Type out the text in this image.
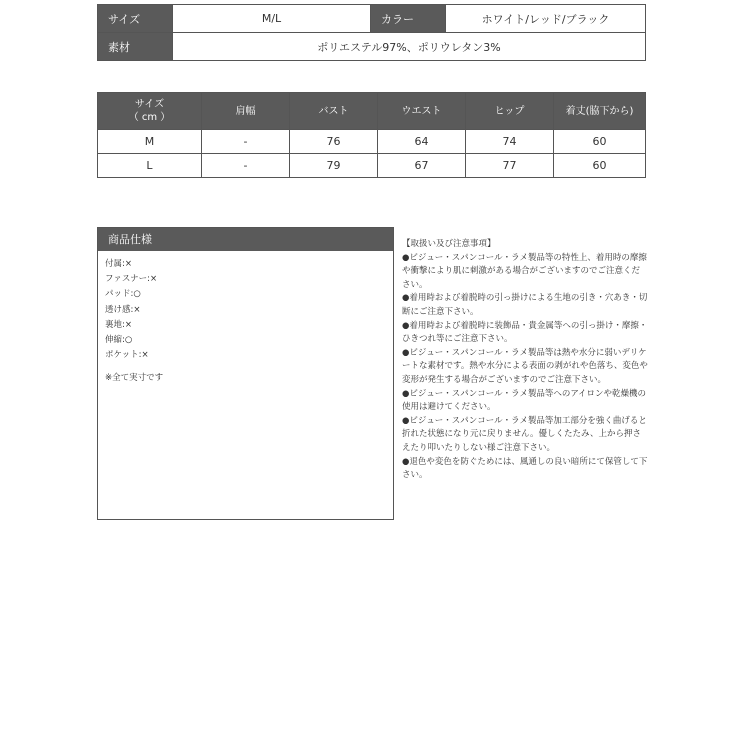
サイズ	M/L	カラー	ホワイト/レッド/ブラック
素材	ポリエステル97%、ポリウレタン3%		
サイズ
（ cm ）	肩幅	バスト	ウエスト	ヒップ	着丈(脇下から)
M	-	76	64	74	60
L	-	79	67	77	60
商品仕様
付属:×
ファスナー:×
パッド:○
透け感:×
裏地:×
伸縮:○
ポケット:×
※全て実寸です

【取扱い及び注意事項】

●ビジュー・スパンコール・ラメ製品等の特性上、着用時の摩擦や衝撃により肌に刺激がある場合がございますのでご注意ください。

●着用時および着脱時の引っ掛けによる生地の引き・穴あき・切断にご注意下さい。

●着用時および着脱時に装飾品・貴金属等への引っ掛け・摩擦・ひきつれ等にご注意下さい。

●ビジュー・スパンコール・ラメ製品等は熱や水分に弱いデリケートな素材です。熱や水分による表面の剥がれや色落ち、変色や変形が発生する場合がございますのでご注意下さい。

●ビジュー・スパンコール・ラメ製品等へのアイロンや乾燥機の使用は避けてください。

●ビジュー・スパンコール・ラメ製品等加工部分を強く曲げると折れた状態になり元に戻りません。優しくたたみ、上から押さえたり叩いたりしない様ご注意下さい。

●退色や変色を防ぐためには、風通しの良い暗所にて保管して下さい。
